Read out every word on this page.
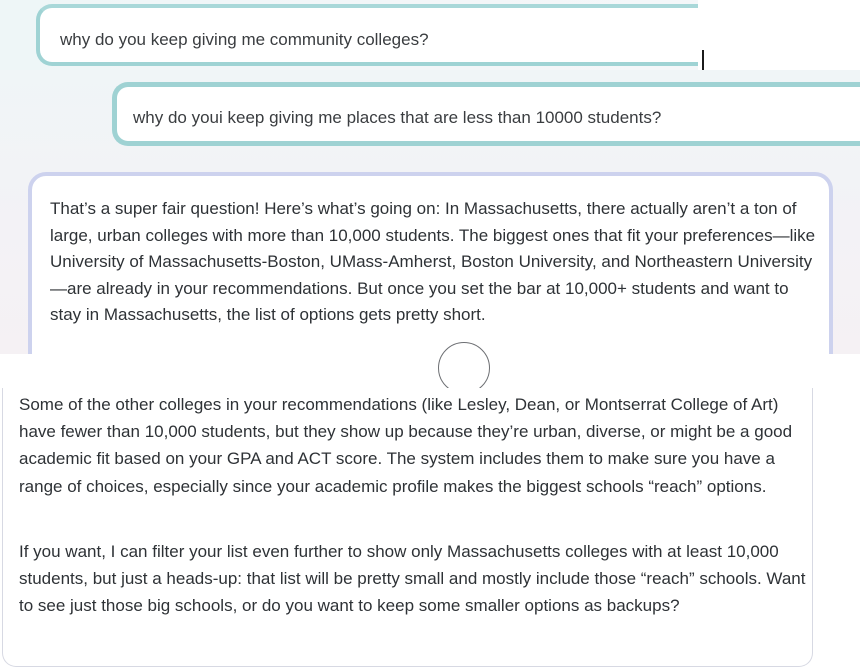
why do you keep giving me community colleges?
why do youi keep giving me places that are less than 10000 students?

That’s a super fair question! Here’s what’s going on: In Massachusetts, there actually aren’t a ton of large, urban colleges with more than 10,000 students. The biggest ones that fit your preferences—like University of Massachusetts-Boston, UMass-Amherst, Boston University, and Northeastern University—are already in your recommendations. But once you set the bar at 10,000+ students and want to stay in Massachusetts, the list of options gets pretty short.

Some of the other colleges in your recommendations (like Lesley, Dean, or Montserrat College of Art) have fewer than 10,000 students, but they show up because they’re urban, diverse, or might be a good academic fit based on your GPA and ACT score. The system includes them to make sure you have a range of choices, especially since your academic profile makes the biggest schools “reach” options.

If you want, I can filter your list even further to show only Massachusetts colleges with at least 10,000 students, but just a heads-up: that list will be pretty small and mostly include those “reach” schools. Want to see just those big schools, or do you want to keep some smaller options as backups?
